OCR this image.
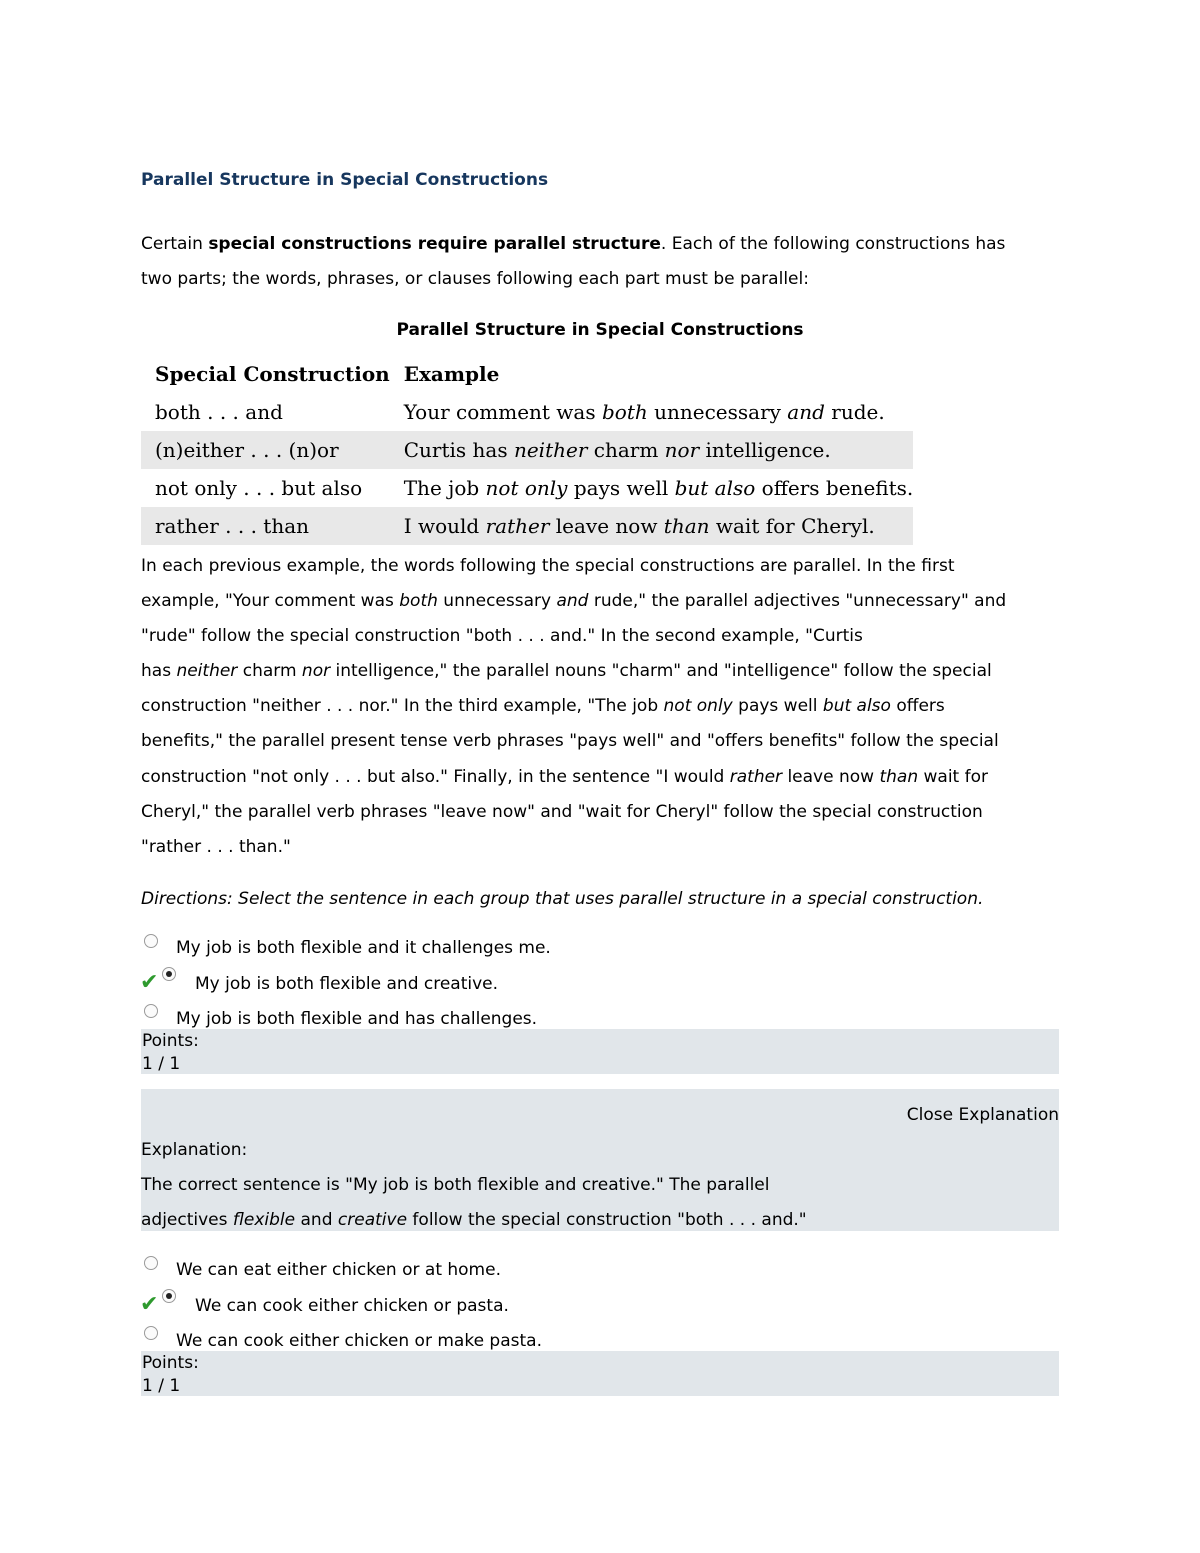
Parallel Structure in Special Constructions
Certain special constructions require parallel structure. Each of the following constructions has
two parts; the words, phrases, or clauses following each part must be parallel:
Parallel Structure in Special Constructions
Special Construction	Example
both . . . and	Your comment was both unnecessary and rude.
(n)either . . . (n)or	Curtis has neither charm nor intelligence.
not only . . . but also	The job not only pays well but also offers benefits.
rather . . . than	I would rather leave now than wait for Cheryl.
In each previous example, the words following the special constructions are parallel. In the first
example, "Your comment was both unnecessary and rude," the parallel adjectives "unnecessary" and
"rude" follow the special construction "both . . . and." In the second example, "Curtis
has neither charm nor intelligence," the parallel nouns "charm" and "intelligence" follow the special
construction "neither . . . nor." In the third example, "The job not only pays well but also offers
benefits," the parallel present tense verb phrases "pays well" and "offers benefits" follow the special
construction "not only . . . but also." Finally, in the sentence "I would rather leave now than wait for
Cheryl," the parallel verb phrases "leave now" and "wait for Cheryl" follow the special construction
"rather . . . than."
Directions: Select the sentence in each group that uses parallel structure in a special construction.
My job is both flexible and it challenges me.
✔ My job is both flexible and creative.
My job is both flexible and has challenges.
Points:
1 / 1
Close Explanation
Explanation:
The correct sentence is "My job is both flexible and creative." The parallel
adjectives flexible and creative follow the special construction "both . . . and."
We can eat either chicken or at home.
✔ We can cook either chicken or pasta.
We can cook either chicken or make pasta.
Points:
1 / 1
